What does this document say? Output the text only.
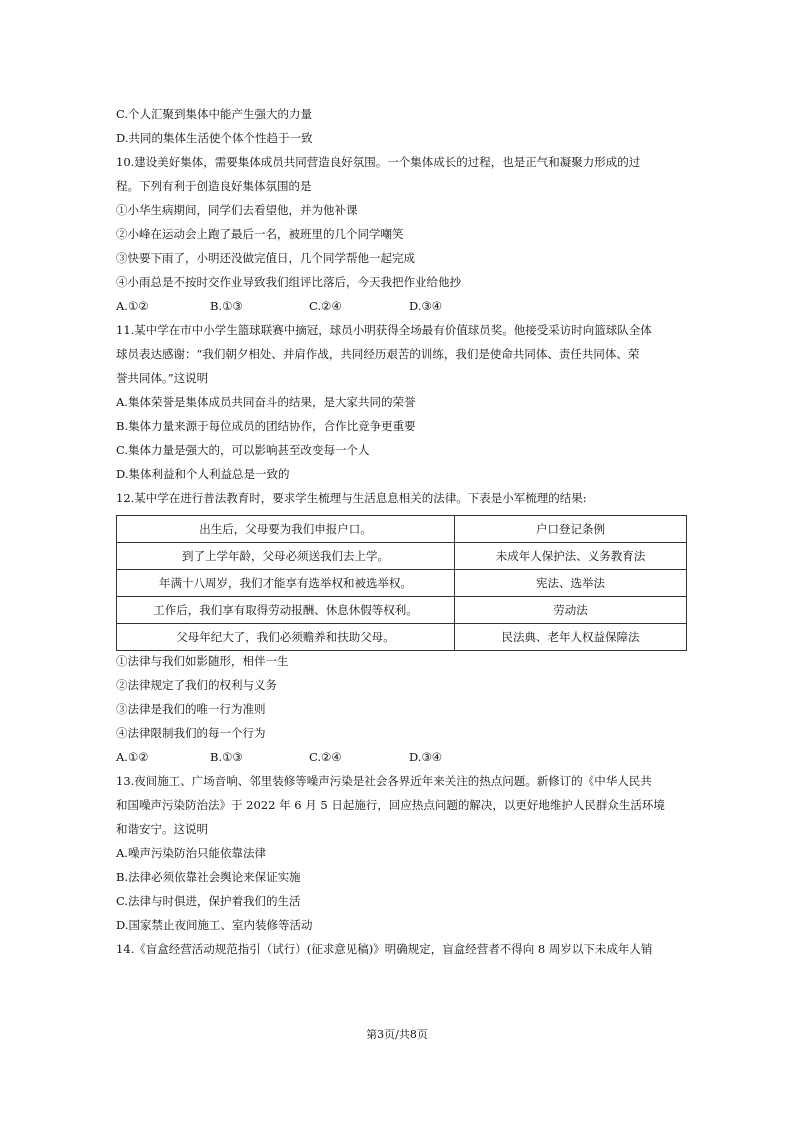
C.个人汇聚到集体中能产生强大的力量
D.共同的集体生活使个体个性趋于一致
10.建设美好集体，需要集体成员共同营造良好氛围。一个集体成长的过程，也是正气和凝聚力形成的过
程。下列有利于创造良好集体氛围的是
①小华生病期间，同学们去看望他，并为他补课
②小峰在运动会上跑了最后一名，被班里的几个同学嘲笑
③快要下雨了，小明还没做完值日，几个同学帮他一起完成
④小雨总是不按时交作业导致我们组评比落后，今天我把作业给他抄
A.①②	B.①③	C.②④	D.③④
11.某中学在市中小学生篮球联赛中摘冠，球员小明获得全场最有价值球员奖。他接受采访时向篮球队全体
球员表达感谢：“我们朝夕相处、并肩作战，共同经历艰苦的训练，我们是使命共同体、责任共同体、荣
誉共同体。”这说明
A.集体荣誉是集体成员共同奋斗的结果，是大家共同的荣誉
B.集体力量来源于每位成员的团结协作，合作比竞争更重要
C.集体力量是强大的，可以影响甚至改变每一个人
D.集体利益和个人利益总是一致的
12.某中学在进行普法教育时，要求学生梳理与生活息息相关的法律。下表是小军梳理的结果:
出生后，父母要为我们申报户口。	户口登记条例
到了上学年龄，父母必须送我们去上学。	未成年人保护法、义务教育法
年满十八周岁，我们才能享有选举权和被选举权。	宪法、选举法
工作后，我们享有取得劳动报酬、休息休假等权利。	劳动法
父母年纪大了，我们必须赡养和扶助父母。	民法典、老年人权益保障法
①法律与我们如影随形，相伴一生
②法律规定了我们的权利与义务
③法律是我们的唯一行为准则
④法律限制我们的每一个行为
A.①②	B.①③	C.②④	D.③④
13.夜间施工、广场音响、邻里装修等噪声污染是社会各界近年来关注的热点问题。新修订的《中华人民共
和国噪声污染防治法》于 2022 年 6 月 5 日起施行，回应热点问题的解决，以更好地维护人民群众生活环境
和谐安宁。这说明
A.噪声污染防治只能依靠法律
B.法律必须依靠社会舆论来保证实施
C.法律与时俱进，保护着我们的生活
D.国家禁止夜间施工、室内装修等活动
14.《盲盒经营活动规范指引（试行）(征求意见稿)》明确规定，盲盒经营者不得向 8 周岁以下未成年人销
第3页/共8页
